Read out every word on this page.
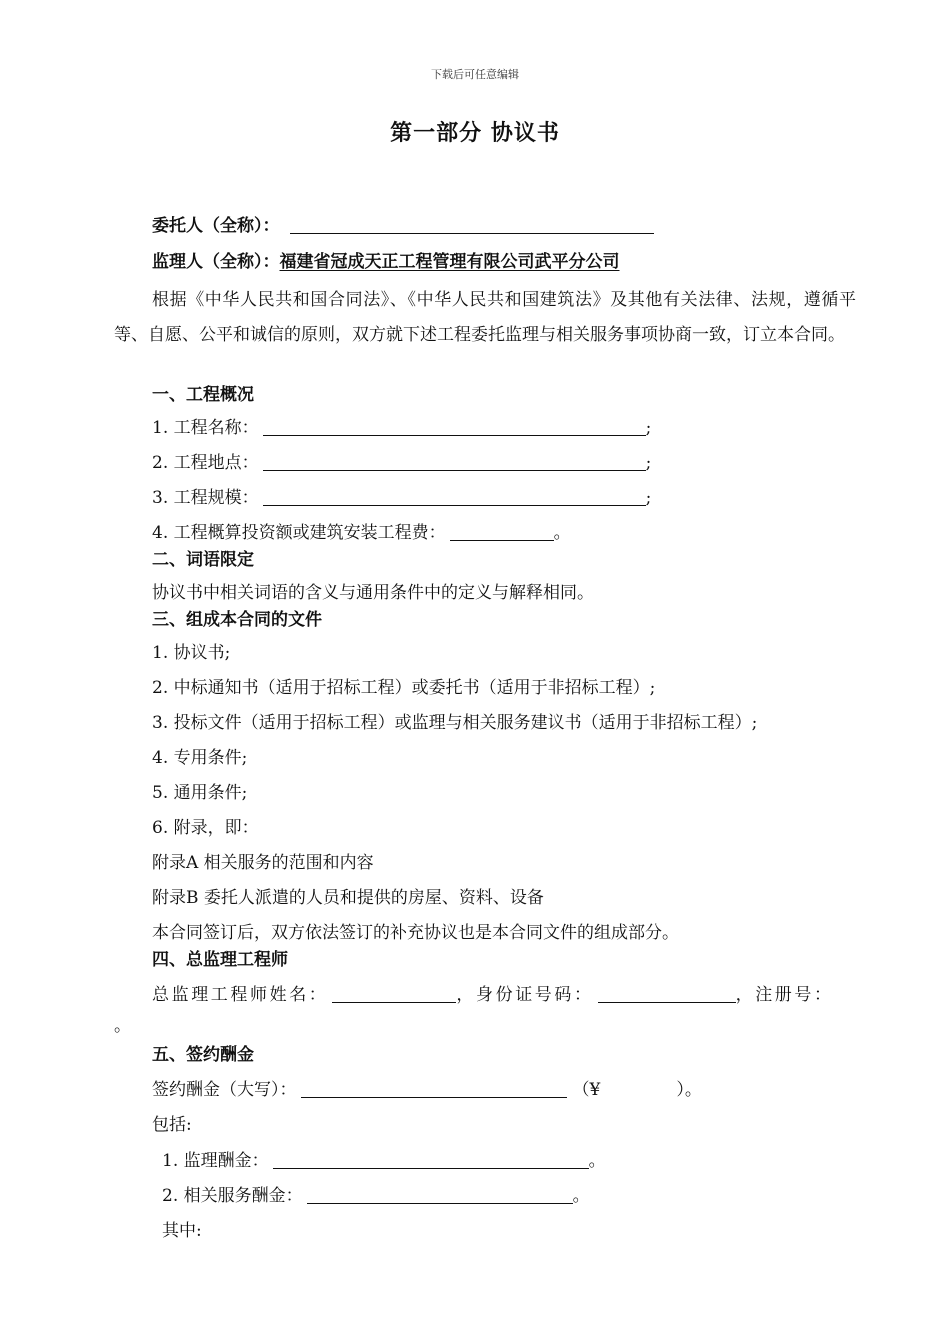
下载后可任意编辑
第一部分 协议书
委托人（全称）：
监理人（全称）：福建省冠成天正工程管理有限公司武平分公司
根据《中华人民共和国合同法》、《中华人民共和国建筑法》及其他有关法律、法规，遵循平等、自愿、公平和诚信的原则，双方就下述工程委托监理与相关服务事项协商一致，订立本合同。
一、工程概况
1. 工程名称：	;
2. 工程地点：	;
3. 工程规模：	;
4. 工程概算投资额或建筑安装工程费：	。
二、词语限定
协议书中相关词语的含义与通用条件中的定义与解释相同。
三、组成本合同的文件
1. 协议书;
2. 中标通知书（适用于招标工程）或委托书（适用于非招标工程）;
3. 投标文件（适用于招标工程）或监理与相关服务建议书（适用于非招标工程）;
4. 专用条件;
5. 通用条件;
6. 附录，即：
附录A 相关服务的范围和内容
附录B 委托人派遣的人员和提供的房屋、资料、设备
本合同签订后，双方依法签订的补充协议也是本合同文件的组成部分。
四、总监理工程师
总监理工程师姓名：	，身份证号码：	，注册号：
。
五、签约酬金
签约酬金（大写）：	（¥	）。
包括:
1. 监理酬金：	。
2. 相关服务酬金：	。
其中:
